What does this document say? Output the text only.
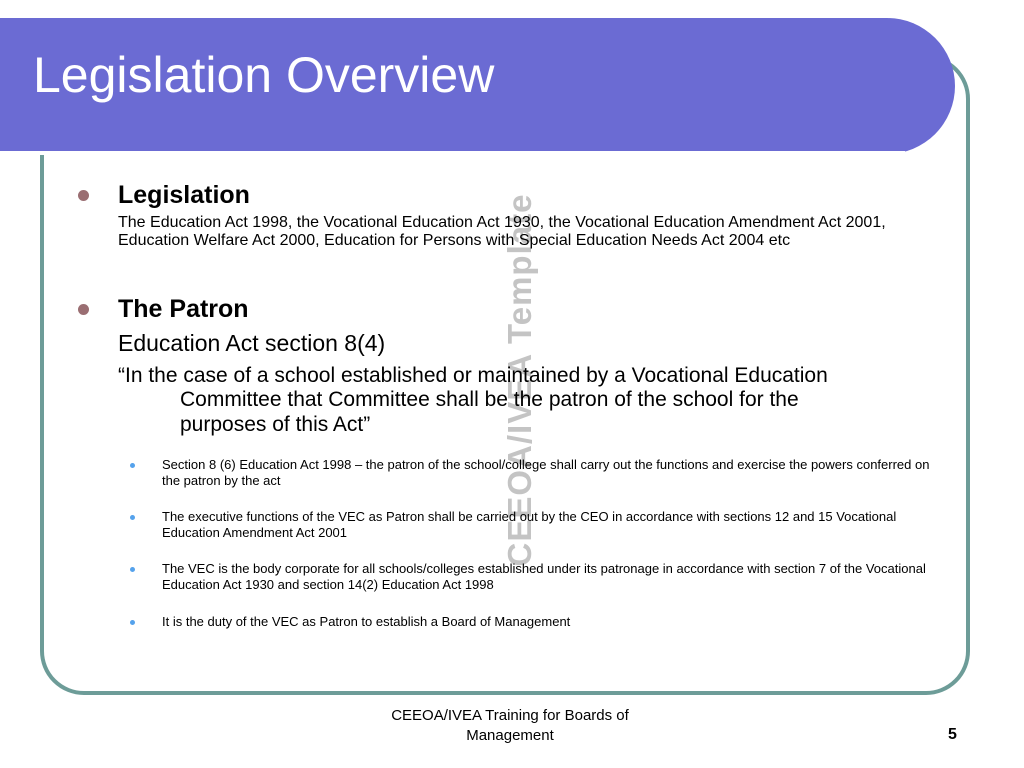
Legislation Overview
CEEOA/IVEA Template
Legislation
The Education Act 1998, the Vocational Education Act 1930, the Vocational Education Amendment Act 2001, Education Welfare Act 2000, Education for Persons with Special Education Needs Act 2004 etc
The Patron
Education Act section 8(4)
“In the case of a school established or maintained by a Vocational Education Committee that Committee shall be the patron of the school for the purposes of this Act”
Section 8 (6) Education Act 1998 – the patron of the school/college shall carry out the functions and exercise the powers conferred on the patron by the act
The executive functions of the VEC as Patron shall be carried out by the CEO in accordance with sections 12 and 15 Vocational Education Amendment Act 2001
The VEC is the body corporate for all schools/colleges established under its patronage in accordance with section 7 of the Vocational Education Act 1930 and section 14(2) Education Act 1998
It is the duty of the VEC as Patron to establish a Board of Management
CEEOA/IVEA Training for Boards of Management	5
